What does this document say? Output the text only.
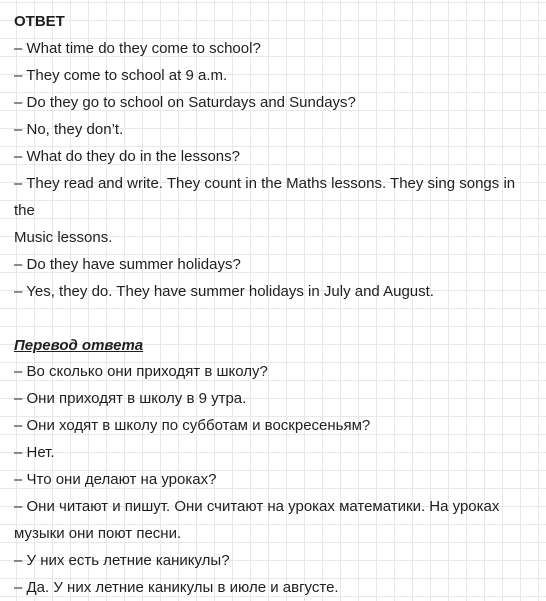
ОТВЕТ
– What time do they come to school?
– They come to school at 9 a.m.
– Do they go to school on Saturdays and Sundays?
– No, they don’t.
– What do they do in the lessons?
– They read and write. They count in the Maths lessons. They sing songs in the
Music lessons.
– Do they have summer holidays?
– Yes, they do. They have summer holidays in July and August.
Перевод ответа
– Во сколько они приходят в школу?
– Они приходят в школу в 9 утра.
– Они ходят в школу по субботам и воскресеньям?
– Нет.
– Что они делают на уроках?
– Они читают и пишут. Они считают на уроках математики. На уроках
музыки они поют песни.
– У них есть летние каникулы?
– Да. У них летние каникулы в июле и августе.
